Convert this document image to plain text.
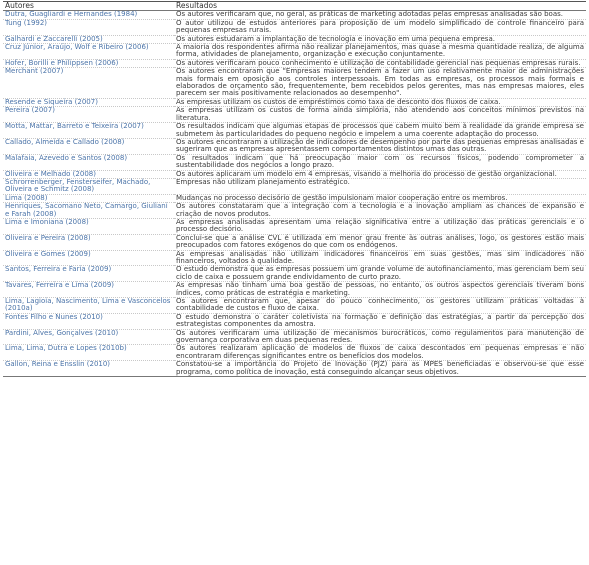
Autores	Resultados
Dutra, Guagliardi e Hernandes (1984)	Os autores verificaram que, no geral, as práticas de marketing adotadas pelas empresas analisadas são boas.
Tung (1992)	O autor utilizou de estudos anteriores para proposição de um modelo simplificado de controle financeiro para pequenas empresas rurais.
Galhardi e Zaccarelli (2005)	Os autores estudaram a implantação de tecnologia e inovação em uma pequena empresa.
Cruz Júnior, Araújo, Wolf e Ribeiro (2006)	A maioria dos respondentes afirma não realizar planejamentos, mas quase a mesma quantidade realiza, de alguma forma, atividades de planejamento, organização e execução conjuntamente.
Hofer, Borilli e Philippsen (2006)	Os autores verificaram pouco conhecimento e utilização de contabilidade gerencial nas pequenas empresas rurais.
Merchant (2007)	Os autores encontraram que "Empresas maiores tendem a fazer um uso relativamente maior de administrações mais formais em oposição aos controles interpessoais. Em todas as empresas, os processos mais formais e elaborados de orçamento são, frequentemente, bem recebidos pelos gerentes, mas nas empresas maiores, eles parecem ser mais positivamente relacionados ao desempenho".
Resende e Siqueira (2007)	As empresas utilizam os custos de empréstimos como taxa de desconto dos fluxos de caixa.
Pereira (2007)	As empresas utilizam os custos de forma ainda simplória, não atendendo aos conceitos mínimos previstos na literatura.
Motta, Mattar, Barreto e Teixeira (2007)	Os resultados indicam que algumas etapas de processos que cabem muito bem à realidade da grande empresa se submetem às particularidades do pequeno negócio e impelem a uma coerente adaptação do processo.
Callado, Almeida e Callado (2008)	Os autores encontraram a utilização de indicadores de desempenho por parte das pequenas empresas analisadas e sugeriram que as empresas apresentassem comportamentos distintos umas das outras.
Malafaia, Azevedo e Santos (2008)	Os resultados indicam que há preocupação maior com os recursos físicos, podendo comprometer a sustentabilidade dos negócios a longo prazo.
Oliveira e Melhado (2008)	Os autores aplicaram um modelo em 4 empresas, visando a melhoria do processo de gestão organizacional.
Schrorrenberger, Fensterseifer, Machado, Oliveira e Schmitz (2008)	Empresas não utilizam planejamento estratégico.
Lima (2008)	Mudanças no processo decisório de gestão impulsionam maior cooperação entre os membros.
Henriques, Sacomano Neto, Camargo, Giuliani e Farah (2008)	Os autores constataram que a integração com a tecnologia e a inovação ampliam as chances de expansão e criação de novos produtos.
Lima e Imoniana (2008)	As empresas analisadas apresentam uma relação significativa entre a utilização das práticas gerenciais e o processo decisório.
Oliveira e Pereira (2008)	Conclui-se que a análise CVL é utilizada em menor grau frente às outras análises, logo, os gestores estão mais preocupados com fatores exógenos do que com os endógenos.
Oliveira e Gomes (2009)	As empresas analisadas não utilizam indicadores financeiros em suas gestões, mas sim indicadores não financeiros, voltados à qualidade.
Santos, Ferreira e Faria (2009)	O estudo demonstra que as empresas possuem um grande volume de autofinanciamento, mas gerenciam bem seu ciclo de caixa e possuem grande endividamento de curto prazo.
Tavares, Ferreira e Lima (2009)	As empresas não tinham uma boa gestão de pessoas, no entanto, os outros aspectos gerenciais tiveram bons índices, como práticas de estratégia e marketing.
Lima, Lagioia, Nascimento, Lima e Vasconcelos (2010a)	Os autores encontraram que, apesar do pouco conhecimento, os gestores utilizam práticas voltadas à contabilidade de custos e fluxo de caixa.
Fontes Filho e Nunes (2010)	O estudo demonstra o caráter coletivista na formação e definição das estratégias, a partir da percepção dos estrategistas componentes da amostra.
Pardini, Alves, Gonçalves (2010)	Os autores verificaram uma utilização de mecanismos burocráticos, como regulamentos para manutenção de governança corporativa em duas pequenas redes.
Lima, Lima, Dutra e Lopes (2010b)	Os autores realizaram aplicação de modelos de fluxos de caixa descontados em pequenas empresas e não encontraram diferenças significantes entre os benefícios dos modelos.
Gallon, Reina e Ensslin (2010)	Constatou-se a importância do Projeto de Inovação (PJZ) para as MPES beneficiadas e observou-se que esse programa, como política de inovação, está conseguindo alcançar seus objetivos.
